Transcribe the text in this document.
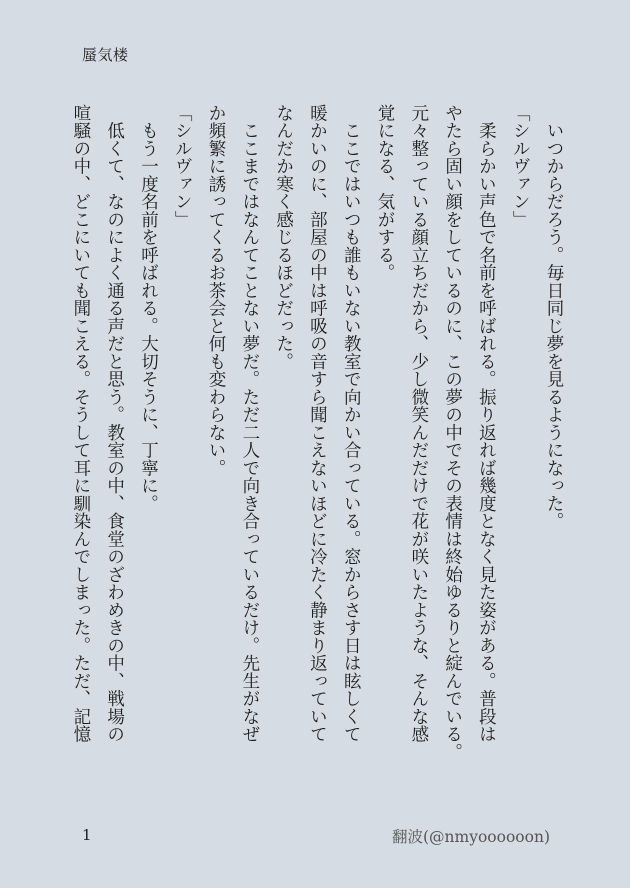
蜃気楼
　いつからだろう。毎日同じ夢を見るようになった。
「シルヴァン」
　柔らかい声色で名前を呼ばれる。振り返れば幾度となく見た姿がある。普段は
やたら固い顔をしているのに、この夢の中でその表情は終始ゆるりと綻んでいる。
元々整っている顔立ちだから、少し微笑んだだけで花が咲いたような、そんな感
覚になる、気がする。
　ここではいつも誰もいない教室で向かい合っている。窓からさす日は眩しくて
暖かいのに、部屋の中は呼吸の音すら聞こえないほどに冷たく静まり返っていて
なんだか寒く感じるほどだった。
　ここまではなんてことない夢だ。ただ二人で向き合っているだけ。先生がなぜ
か頻繁に誘ってくるお茶会と何も変わらない。
「シルヴァン」
　もう一度名前を呼ばれる。大切そうに、丁寧に。
　低くて、なのによく通る声だと思う。教室の中、食堂のざわめきの中、戦場の
喧騒の中、どこにいても聞こえる。そうして耳に馴染んでしまった。ただ、記憶
1	翻波(@nmyoooooon)
